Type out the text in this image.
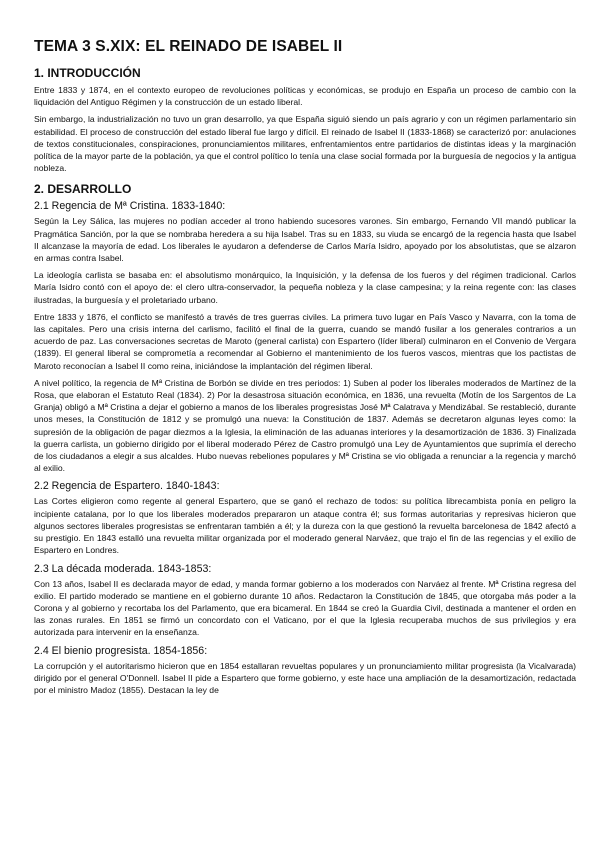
TEMA 3 S.XIX: EL REINADO DE ISABEL II
1. INTRODUCCIÓN

Entre 1833 y 1874, en el contexto europeo de revoluciones políticas y económicas, se produjo en España un proceso de cambio con la liquidación del Antiguo Régimen y la construcción de un estado liberal.

Sin embargo, la industrialización no tuvo un gran desarrollo, ya que España siguió siendo un país agrario y con un régimen parlamentario sin estabilidad. El proceso de construcción del estado liberal fue largo y difícil. El reinado de Isabel II (1833-1868) se caracterizó por: anulaciones de textos constitucionales, conspiraciones, pronunciamientos militares, enfrentamientos entre partidarios de distintas ideas y la marginación política de la mayor parte de la población, ya que el control político lo tenía una clase social formada por la burguesía de negocios y la antigua nobleza.

2. DESARROLLO
2.1 Regencia de Mª Cristina. 1833-1840:

Según la Ley Sálica, las mujeres no podían acceder al trono habiendo sucesores varones. Sin embargo, Fernando VII mandó publicar la Pragmática Sanción, por la que se nombraba heredera a su hija Isabel. Tras su en 1833, su viuda se encargó de la regencia hasta que Isabel II alcanzase la mayoría de edad. Los liberales le ayudaron a defenderse de Carlos María Isidro, apoyado por los absolutistas, que se alzaron en armas contra Isabel.

La ideología carlista se basaba en: el absolutismo monárquico, la Inquisición, y la defensa de los fueros y del régimen tradicional. Carlos María Isidro contó con el apoyo de: el clero ultra-conservador, la pequeña nobleza y la clase campesina; y la reina regente con: las clases ilustradas, la burguesía y el proletariado urbano.

Entre 1833 y 1876, el conflicto se manifestó a través de tres guerras civiles. La primera tuvo lugar en País Vasco y Navarra, con la toma de las capitales. Pero una crisis interna del carlismo, facilitó el final de la guerra, cuando se mandó fusilar a los generales contrarios a un acuerdo de paz. Las conversaciones secretas de Maroto (general carlista) con Espartero (líder liberal) culminaron en el Convenio de Vergara (1839). El general liberal se comprometía a recomendar al Gobierno el mantenimiento de los fueros vascos, mientras que los pactistas de Maroto reconocían a Isabel II como reina, iniciándose la implantación del régimen liberal.

A nivel político, la regencia de Mª Cristina de Borbón se divide en tres periodos: 1) Suben al poder los liberales moderados de Martínez de la Rosa, que elaboran el Estatuto Real (1834). 2) Por la desastrosa situación económica, en 1836, una revuelta (Motín de los Sargentos de La Granja) obligó a Mª Cristina a dejar el gobierno a manos de los liberales progresistas José Mª Calatrava y Mendizábal. Se restableció, durante unos meses, la Constitución de 1812 y se promulgó una nueva: la Constitución de 1837. Además se decretaron algunas leyes como: la supresión de la obligación de pagar diezmos a la Iglesia, la eliminación de las aduanas interiores y la desamortización de 1836. 3) Finalizada la guerra carlista, un gobierno dirigido por el liberal moderado Pérez de Castro promulgó una Ley de Ayuntamientos que suprimía el derecho de los ciudadanos a elegir a sus alcaldes. Hubo nuevas rebeliones populares y Mª Cristina se vio obligada a renunciar a la regencia y marchó al exilio.

2.2 Regencia de Espartero. 1840-1843:

Las Cortes eligieron como regente al general Espartero, que se ganó el rechazo de todos: su política librecambista ponía en peligro la incipiente catalana, por lo que los liberales moderados prepararon un ataque contra él; sus formas autoritarias y represivas hicieron que algunos sectores liberales progresistas se enfrentaran también a él; y la dureza con la que gestionó la revuelta barcelonesa de 1842 afectó a su prestigio. En 1843 estalló una revuelta militar organizada por el moderado general Narváez, que trajo el fin de las regencias y el exilio de Espartero en Londres.

2.3 La década moderada. 1843-1853:

Con 13 años, Isabel II es declarada mayor de edad, y manda formar gobierno a los moderados con Narváez al frente. Mª Cristina regresa del exilio. El partido moderado se mantiene en el gobierno durante 10 años. Redactaron la Constitución de 1845, que otorgaba más poder a la Corona y al gobierno y recortaba los del Parlamento, que era bicameral. En 1844 se creó la Guardia Civil, destinada a mantener el orden en las zonas rurales. En 1851 se firmó un concordato con el Vaticano, por el que la Iglesia recuperaba muchos de sus privilegios y era autorizada para intervenir en la enseñanza.

2.4 El bienio progresista. 1854-1856:

La corrupción y el autoritarismo hicieron que en 1854 estallaran revueltas populares y un pronunciamiento militar progresista (la Vicalvarada) dirigido por el general O'Donnell. Isabel II pide a Espartero que forme gobierno, y este hace una ampliación de la desamortización, redactada por el ministro Madoz (1855). Destacan la ley de
